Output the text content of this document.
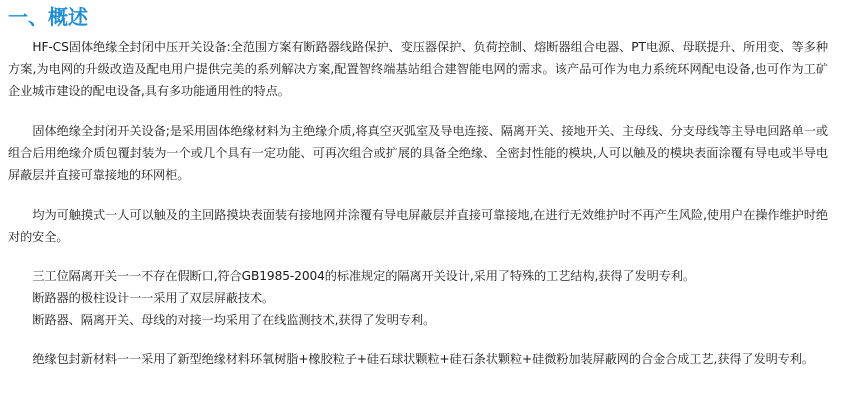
一、概述

HF-CS固体绝缘全封闭中压开关设备:全范围方案有断路器线路保护、变压器保护、负荷控制、熔断器组合电器、PT电源、母联提升、所用变、等多种方案,为电网的升级改造及配电用户提供完美的系列解决方案,配置智终端基站组合建智能电网的需求。该产品可作为电力系统环网配电设备,也可作为工矿企业城市建设的配电设备,具有多功能通用性的特点。

固体绝缘全封闭开关设备;是采用固体绝缘材料为主绝缘介质,将真空灭弧室及导电连接、隔离开关、接地开关、主母线、分支母线等主导电回路单一或组合后用绝缘介质包覆封装为一个或几个具有一定功能、可再次组合或扩展的具备全绝缘、全密封性能的模块,人可以触及的模块表面涂覆有导电或半导电屏蔽层并直接可靠接地的环网柜。

均为可触摸式一人可以触及的主回路摸块表面装有接地网并涂覆有导电屏蔽层并直接可靠接地,在进行无效维护时不再产生风险,使用户在操作维护时绝对的安全。

三工位隔离开关一一不存在假断口,符合GB1985-2004的标准规定的隔离开关设计,采用了特殊的工艺结构,获得了发明专利。

断路器的极柱设计一一采用了双层屏蔽技术。

断路器、隔离开关、母线的对接一均采用了在线监测技术,获得了发明专利。

绝缘包封新材料一一采用了新型绝缘材料环氧树脂+橡胶粒子+硅石球状颗粒+硅石条状颗粒+硅微粉加装屏蔽网的合金合成工艺,获得了发明专利。
